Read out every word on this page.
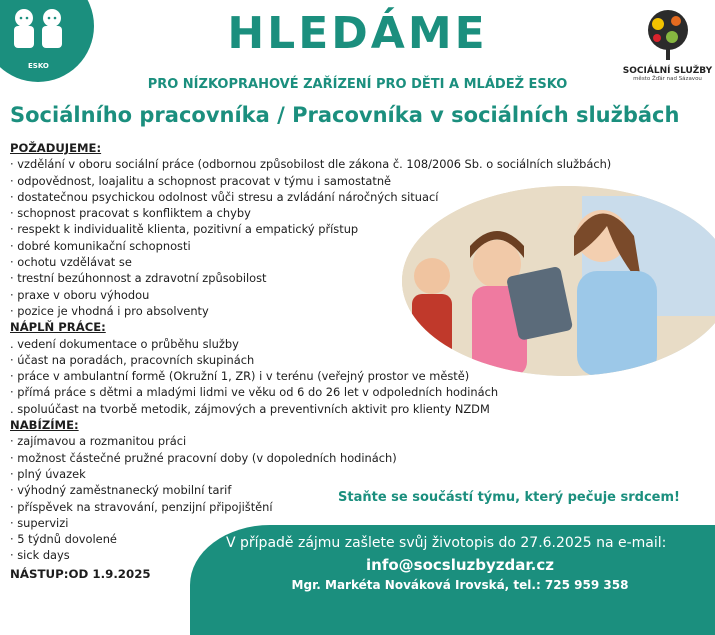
ESKO
HLEDÁME
PRO NÍZKOPRAHOVÉ ZAŘÍZENÍ PRO DĚTI A MLÁDEŽ ESKO
SOCIÁLNÍ SLUŽBY
město Žďár nad Sázavou
Sociálního pracovníka / Pracovníka v sociálních službách
POŽADUJEME:
· vzdělání v oboru sociální práce (odbornou způsobilost dle zákona č. 108/2006 Sb. o sociálních službách)
· odpovědnost, loajalitu a schopnost pracovat v týmu i samostatně
· dostatečnou psychickou odolnost vůči stresu a zvládání náročných situací
· schopnost pracovat s konfliktem a chyby
· respekt k individualitě klienta, pozitivní a empatický přístup
· dobré komunikační schopnosti
· ochotu vzdělávat se
· trestní bezúhonnost a zdravotní způsobilost
· praxe v oboru výhodou
· pozice je vhodná i pro absolventy
NÁPLŇ PRÁCE:
. vedení dokumentace o průběhu služby
· účast na poradách, pracovních skupinách
· práce v ambulantní formě (Okružní 1, ZR) i v terénu (veřejný prostor ve městě)
· přímá práce s dětmi a mladými lidmi ve věku od 6 do 26 let v odpoledních hodinách
. spoluúčast na tvorbě metodik, zájmových a preventivních aktivit pro klienty NZDM
NABÍZÍME:
· zajímavou a rozmanitou práci
· možnost částečné pružné pracovní doby (v dopoledních hodinách)
· plný úvazek
· výhodný zaměstnanecký mobilní tarif
· příspěvek na stravování, penzijní připojištění
· supervizi
· 5 týdnů dovolené
· sick days
NÁSTUP:OD 1.9.2025
Staňte se součástí týmu, který pečuje srdcem!
V případě zájmu zašlete svůj životopis do 27.6.2025 na e-mail:
info@socsluzbyzdar.cz
Mgr. Markéta Nováková Irovská, tel.: 725 959 358
